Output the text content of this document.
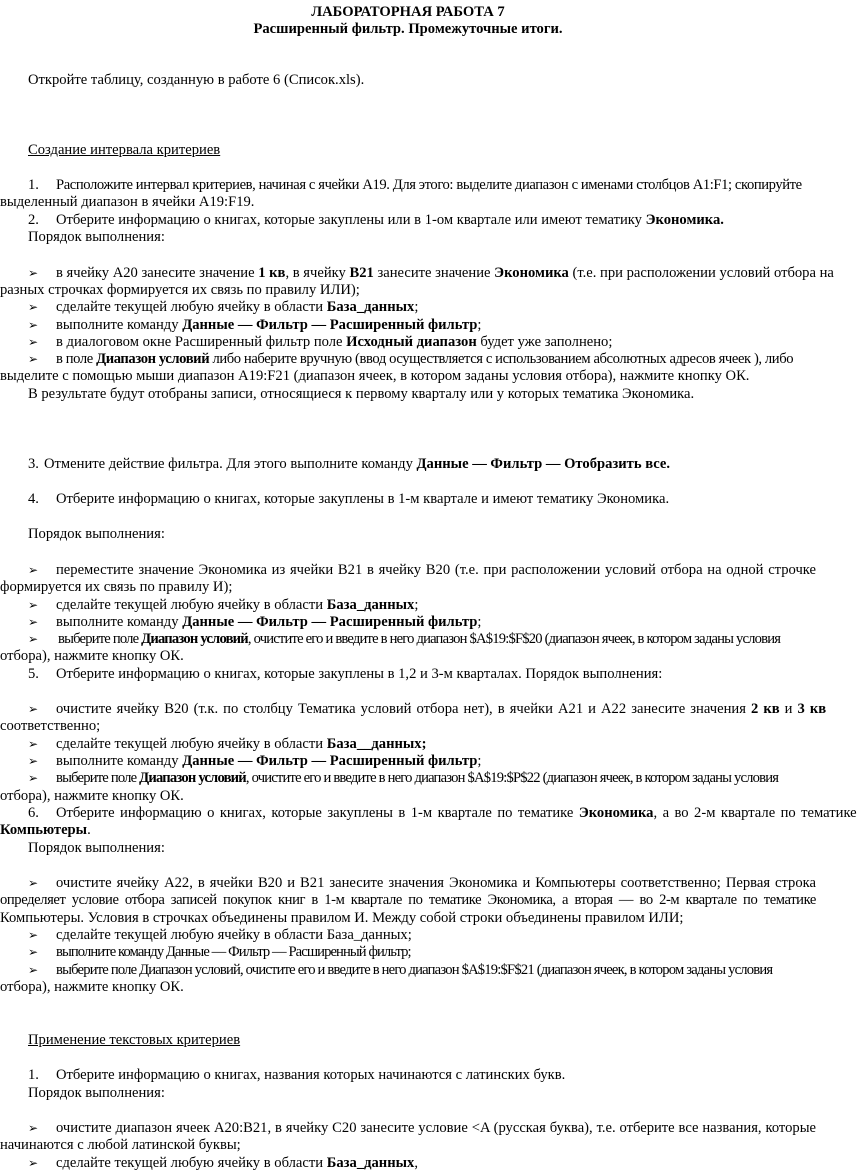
ЛАБОРАТОРНАЯ РАБОТА 7
Расширенный фильтр. Промежуточные итоги.
Откройте таблицу, созданную в работе 6 (Список.xls).
Создание интервала критериев
1. Расположите интервал критериев, начиная с ячейки A19. Для этого: выделите диапазон с именами столбцов A1:F1; скопируйте
выделенный диапазон в ячейки A19:F19.
2. Отберите информацию о книгах, которые закуплены или в 1-ом квартале или имеют тематику Экономика.
Порядок выполнения:
➢ в ячейку A20 занесите значение 1 кв, в ячейку B21 занесите значение Экономика (т.е. при расположении условий отбора на
разных строчках формируется их связь по правилу ИЛИ);
➢ сделайте текущей любую ячейку в области База_данных;
➢ выполните команду Данные — Фильтр — Расширенный фильтр;
➢ в диалоговом окне Расширенный фильтр поле Исходный диапазон будет уже заполнено;
➢ в поле Диапазон условий либо наберите вручную (ввод осуществляется с использованием абсолютных адресов ячеек ), либо
выделите с помощью мыши диапазон A19:F21 (диапазон ячеек, в котором заданы условия отбора), нажмите кнопку ОК.
В результате будут отобраны записи, относящиеся к первому кварталу или у которых тематика Экономика.
3. Отмените действие фильтра. Для этого выполните команду Данные — Фильтр — Отобразить все.
4. Отберите информацию о книгах, которые закуплены в 1-м квартале и имеют тематику Экономика.
Порядок выполнения:
➢ переместите значение Экономика из ячейки B21 в ячейку B20 (т.е. при расположении условий отбора на одной строчке
формируется их связь по правилу И);
➢ сделайте текущей любую ячейку в области База_данных;
➢ выполните команду Данные — Фильтр — Расширенный фильтр;
➢ выберите поле Диапазон условий, очистите его и введите в него диапазон $A$19:$F$20 (диапазон ячеек, в котором заданы условия
отбора), нажмите кнопку ОК.
5. Отберите информацию о книгах, которые закуплены в 1,2 и 3-м кварталах. Порядок выполнения:
➢ очистите ячейку B20 (т.к. по столбцу Тематика условий отбора нет), в ячейки A21 и A22 занесите значения 2 кв и 3 кв
соответственно;
➢ сделайте текущей любую ячейку в области База__данных;
➢ выполните команду Данные — Фильтр — Расширенный фильтр;
➢ выберите поле Диапазон условий, очистите его и введите в него диапазон $A$19:$P$22 (диапазон ячеек, в котором заданы условия
отбора), нажмите кнопку ОК.
6. Отберите информацию о книгах, которые закуплены в 1-м квартале по тематике Экономика, а во 2-м квартале по тематике
Компьютеры.
Порядок выполнения:
➢ очистите ячейку A22, в ячейки B20 и B21 занесите значения Экономика и Компьютеры соответственно; Первая строка
определяет условие отбора записей покупок книг в 1-м квартале по тематике Экономика, а вторая — во 2-м квартале по тематике
Компьютеры. Условия в строчках объединены правилом И. Между собой строки объединены правилом ИЛИ;
➢ сделайте текущей любую ячейку в области База_данных;
➢ выполните команду Данные — Фильтр — Расширенный фильтр;
➢ выберите поле Диапазон условий, очистите его и введите в него диапазон $A$19:$F$21 (диапазон ячеек, в котором заданы условия
отбора), нажмите кнопку ОК.
Применение текстовых критериев
1. Отберите информацию о книгах, названия которых начинаются с латинских букв.
Порядок выполнения:
➢ очистите диапазон ячеек A20:B21, в ячейку C20 занесите условие <A (русская буква), т.е. отберите все названия, которые
начинаются с любой латинской буквы;
➢ сделайте текущей любую ячейку в области База_данных,
